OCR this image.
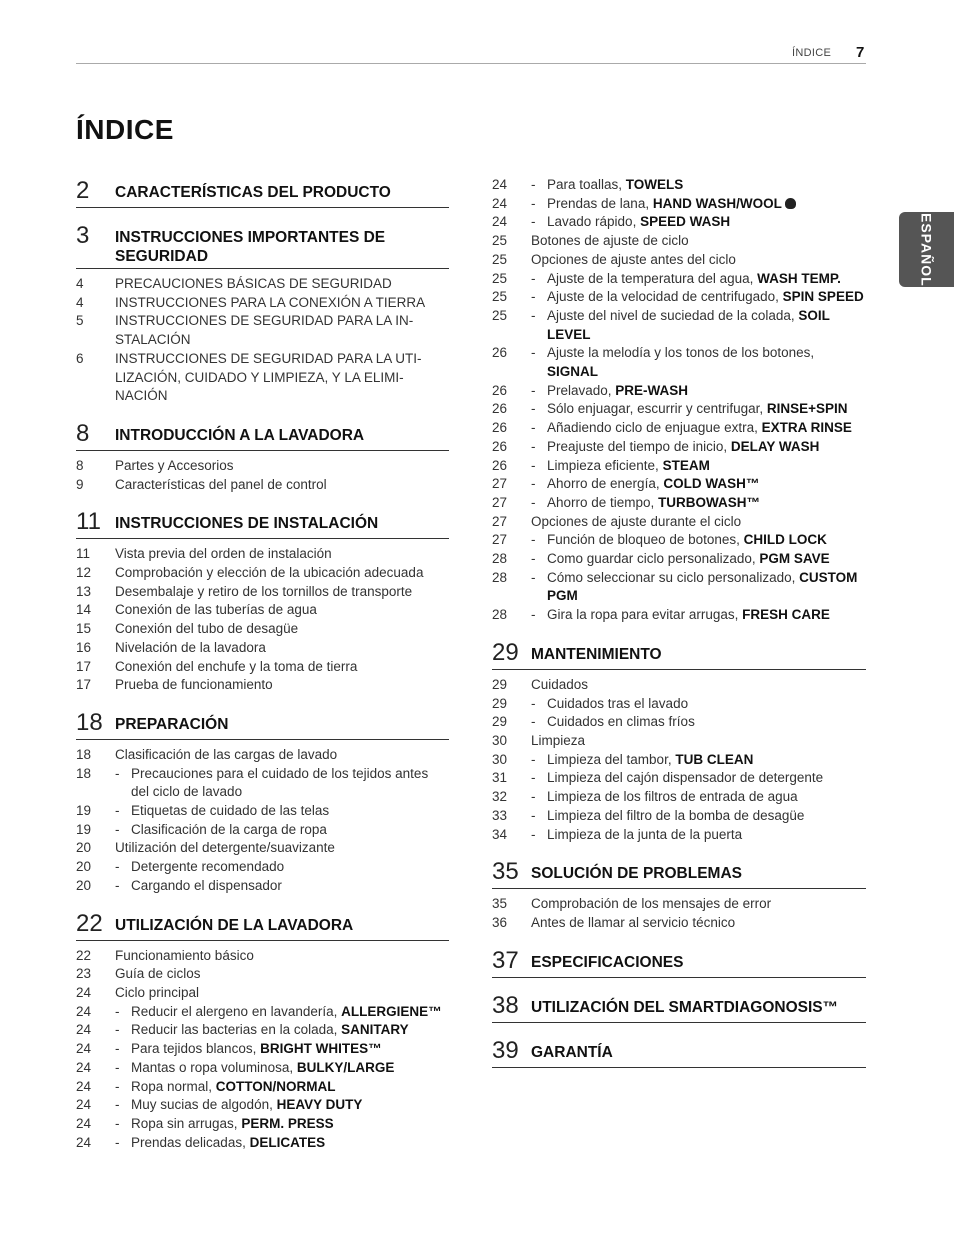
ÍNDICE 7
ÍNDICE
ESPAÑOL
2	CARACTERÍSTICAS DEL PRODUCTO
3	INSTRUCCIONES IMPORTANTES DE SEGURIDAD
4	PRECAUCIONES BÁSICAS DE SEGURIDAD
4	INSTRUCCIONES PARA LA CONEXIÓN A TIERRA
5	INSTRUCCIONES DE SEGURIDAD PARA LA IN-
STALACIÓN
6	INSTRUCCIONES DE SEGURIDAD PARA LA UTI-
LIZACIÓN, CUIDADO Y LIMPIEZA, Y LA ELIMI-
NACIÓN
8	INTRODUCCIÓN A LA LAVADORA
8	Partes y Accesorios
9	Características del panel de control
11 INSTRUCCIONES DE INSTALACIÓN
11	Vista previa del orden de instalación
12	Comprobación y elección de la ubicación adecuada
13	Desembalaje y retiro de los tornillos de transporte
14	Conexión de las tuberías de agua
15	Conexión del tubo de desagüe
16	Nivelación de la lavadora
17	Conexión del enchufe y la toma de tierra
17	Prueba de funcionamiento
18 PREPARACIÓN
18	Clasificación de las cargas de lavado
18	- Precauciones para el cuidado de los tejidos antes del ciclo de lavado
19	- Etiquetas de cuidado de las telas
19	- Clasificación de la carga de ropa
20	Utilización del detergente/suavizante
20	- Detergente recomendado
20	- Cargando el dispensador
22 UTILIZACIÓN DE LA LAVADORA
22	Funcionamiento básico
23	Guía de ciclos
24	Ciclo principal
24	- Reducir el alergeno en lavandería, ALLERGIENE™
24	- Reducir las bacterias en la colada, SANITARY
24	- Para tejidos blancos, BRIGHT WHITES™
24	- Mantas o ropa voluminosa, BULKY/LARGE
24	- Ropa normal, COTTON/NORMAL
24	- Muy sucias de algodón, HEAVY DUTY
24	- Ropa sin arrugas, PERM. PRESS
24	- Prendas delicadas, DELICATES
24	- Para toallas, TOWELS
24	- Prendas de lana, HAND WASH/WOOL
24	- Lavado rápido, SPEED WASH
25	Botones de ajuste de ciclo
25	Opciones de ajuste antes del ciclo
25	- Ajuste de la temperatura del agua, WASH TEMP.
25	- Ajuste de la velocidad de centrifugado, SPIN SPEED
25	- Ajuste del nivel de suciedad de la colada, SOIL LEVEL
26	- Ajuste la melodía y los tonos de los botones, SIGNAL
26	- Prelavado, PRE-WASH
26	- Sólo enjuagar, escurrir y centrifugar, RINSE+SPIN
26	- Añadiendo ciclo de enjuague extra, EXTRA RINSE
26	- Preajuste del tiempo de inicio, DELAY WASH
26	- Limpieza eficiente, STEAM
27	- Ahorro de energía, COLD WASH™
27	- Ahorro de tiempo, TURBOWASH™
27	Opciones de ajuste durante el ciclo
27	- Función de bloqueo de botones, CHILD LOCK
28	- Como guardar ciclo personalizado, PGM SAVE
28	- Cómo seleccionar su ciclo personalizado, CUSTOM PGM
28	- Gira la ropa para evitar arrugas, FRESH CARE
29 MANTENIMIENTO
29	Cuidados
29	- Cuidados tras el lavado
29	- Cuidados en climas fríos
30	Limpieza
30	- Limpieza del tambor, TUB CLEAN
31	- Limpieza del cajón dispensador de detergente
32	- Limpieza de los filtros de entrada de agua
33	- Limpieza del filtro de la bomba de desagüe
34	- Limpieza de la junta de la puerta
35 SOLUCIÓN DE PROBLEMAS
35	Comprobación de los mensajes de error
36	Antes de llamar al servicio técnico
37 ESPECIFICACIONES
38 UTILIZACIÓN DEL SMARTDIAGONOSIS™
39 GARANTÍA
